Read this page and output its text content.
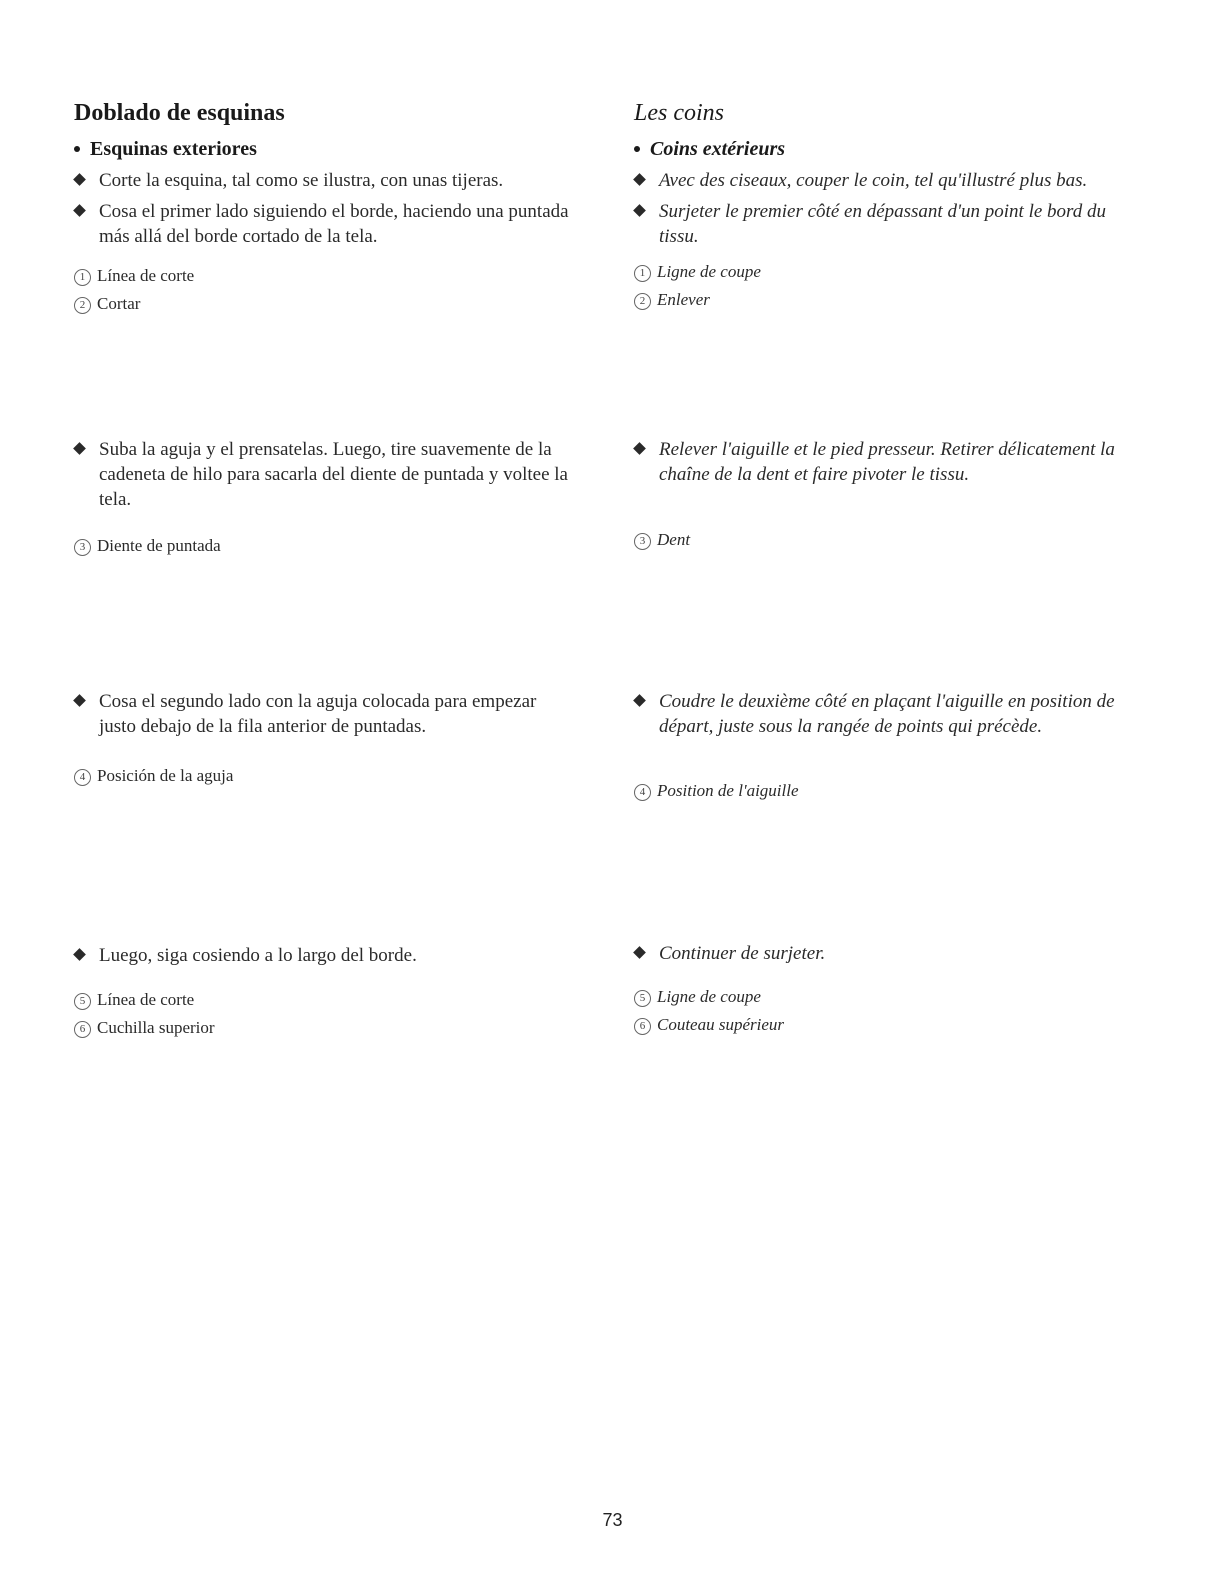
Doblado de esquinas
Esquinas exteriores
Corte la esquina, tal como se ilustra, con unas tijeras.
Cosa el primer lado siguiendo el borde, haciendo una puntada más allá del borde cortado de la tela.
1 Línea de corte
2 Cortar
Suba la aguja y el prensatelas. Luego, tire suavemente de la cadeneta de hilo para sacarla del diente de puntada y voltee la tela.
3 Diente de puntada
Cosa el segundo lado con la aguja colocada para empezar justo debajo de la fila anterior de puntadas.
4 Posición de la aguja
Luego, siga cosiendo a lo largo del borde.
5 Línea de corte
6 Cuchilla superior
Les coins
Coins extérieurs
Avec des ciseaux, couper le coin, tel qu'illustré plus bas.
Surjeter le premier côté en dépassant d'un point le bord du tissu.
1 Ligne de coupe
2 Enlever
Relever l'aiguille et le pied presseur. Retirer délicatement la chaîne de la dent et faire pivoter le tissu.
3 Dent
Coudre le deuxième côté en plaçant l'aiguille en position de départ, juste sous la rangée de points qui précède.
4 Position de l'aiguille
Continuer de surjeter.
5 Ligne de coupe
6 Couteau supérieur
73
